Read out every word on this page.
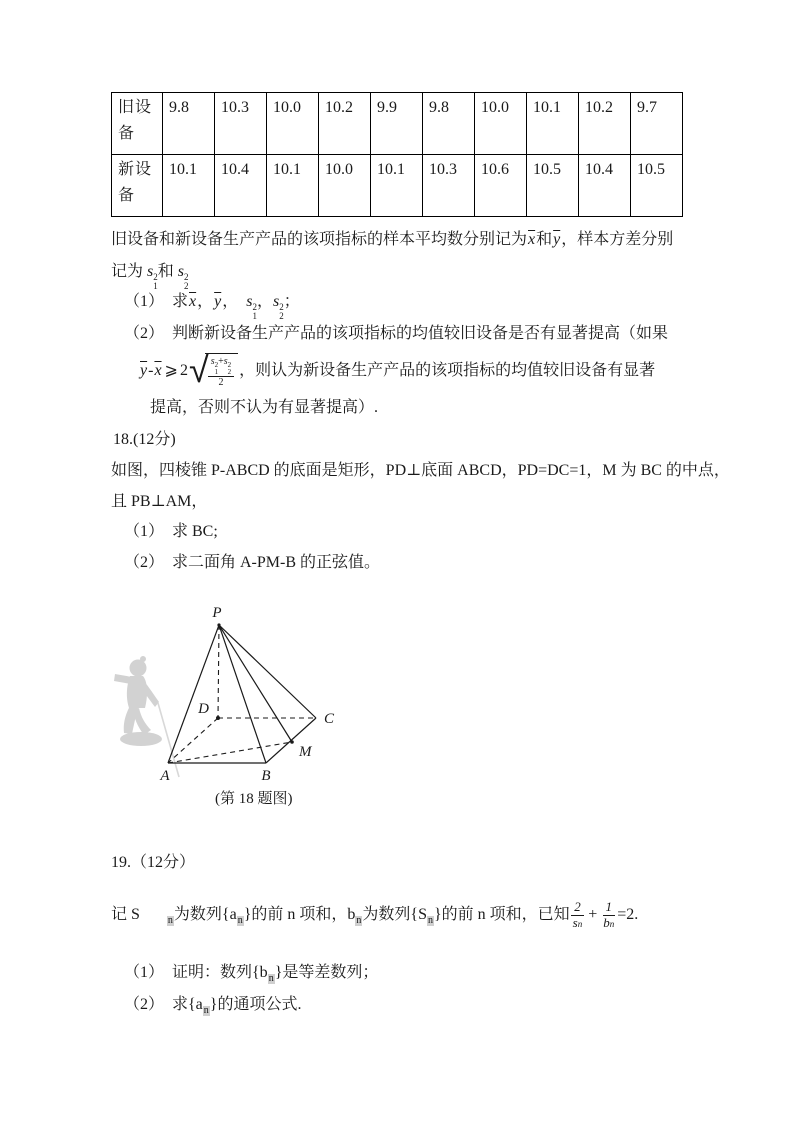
旧设备	9.8	10.3	10.0	10.2	9.9	9.8	10.0	10.1	10.2	9.7
新设备	10.1	10.4	10.1	10.0	10.1	10.3	10.6	10.5	10.4	10.5
旧设备和新设备生产产品的该项指标的样本平均数分别记为$\overline{x}$和$\overline{y}$，样本方差分别
记为 s 2
1
和 s 2
2
（1）　求$\overline{x}$，$\overline{y}$，　s 2
1
，s 2
2
；
（2）　判断新设备生产产品的该项指标的均值较旧设备是否有显著提高（如果
$\overline{y} - \overline{x}$ ⩾ 2 √ s 2
1
+s 2
2
2 ，则认为新设备生产产品的该项指标的均值较旧设备有显著
提高，否则不认为有显著提高）.
18.(12分)
如图，四棱锥 P-ABCD 的底面是矩形，PD⊥底面 ABCD，PD=DC=1，M 为 BC 的中点，
且 PB⊥AM，
（1）　求 BC;
（2）　求二面角 A-PM-B 的正弦值。
P
D
C
M
A	B
(第 18 题图)
19.（12分）
记 S	n为数列{an}的前 n 项和，bn为数列{Sn}的前 n 项和，已知 $\frac{2}{sn} + \frac{1}{bn} =2$.
（1）　证明：数列{bn}是等差数列；
（2）　求{an}的通项公式.
